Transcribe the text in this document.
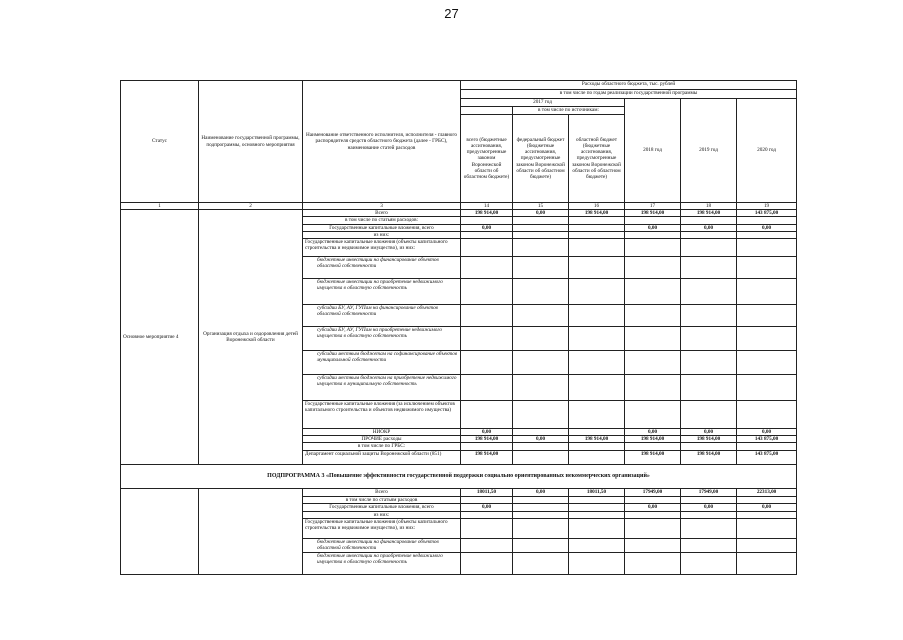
27
Статус	Наименование государственной программы, подпрограммы, основного мероприятия	Наименование ответственного исполнителя, исполнителя - главного распорядителя средств областного бюджета (далее - ГРБС), наименование статей расходов	Расходы областного бюджета, тыс. рублей					
			в том числе по годам реализации государственной программы					
			2017 год			2018 год	2019 год	2020 год
				в том числе по источникам:				
			всего (бюджетные ассигнования, предусмотренные законом Воронежской области об областном бюджете)	федеральный бюджет (бюджетные ассигнования, предусмотренные законом Воронежской области об областном бюджете)	областной бюджет (бюджетные ассигнования, предусмотренные законом Воронежской области об областном бюджете)			
1	2	3	14	15	16	17	18	19
Основное мероприятие 4	Организация отдыха и оздоровления детей Воронежской области	Всего	198 914,00	0,00	198 914,00	198 914,00	198 914,00	143 875,00
		в том числе по статьям расходов:						
		Государственные капитальные вложения, всего	0,00			0,00	0,00	0,00
		из них:						
		Государственные капитальные вложения (объекты капитального строительства и недвижимое имущество), из них:						
		бюджетные инвестиции на финансирование объектов областной собственности						
		бюджетные инвестиции на приобретение недвижимого имущества в областную собственность						
		субсидии БУ, АУ, ГУПам на финансирование объектов областной собственности						
		субсидии БУ, АУ, ГУПам на приобретение недвижимого имущества в областную собственность						
		субсидии местным бюджетам на софинансирование объектов муниципальной собственности						
		субсидии местным бюджетам на приобретение недвижимого имущества в муниципальную собственность						
		Государственные капитальные вложения (за исключением объектов капитального строительства и объектов недвижимого имущества)						
		НИОКР	0,00			0,00	0,00	0,00
		ПРОЧИЕ расходы	198 914,00	0,00	198 914,00	198 914,00	198 914,00	143 875,00
		в том числе по ГРБС:						
		Департамент социальной защиты Воронежской области (851)	198 914,00			198 914,00	198 914,00	143 875,00
ПОДПРОГРАММА 3 «Повышение эффективности государственной поддержки социально ориентированных некоммерческих организаций»								
		Всего	18011,50	0,00	18011,50	17949,00	17949,00	22313,00
		в том числе по статьям расходов						
		Государственные капитальные вложения, всего	0,00			0,00	0,00	0,00
		из них:						
		Государственные капитальные вложения (объекты капитального строительства и недвижимое имущество), из них:						
		бюджетные инвестиции на финансирование объектов областной собственности						
		бюджетные инвестиции на приобретение недвижимого имущества в областную собственность						
